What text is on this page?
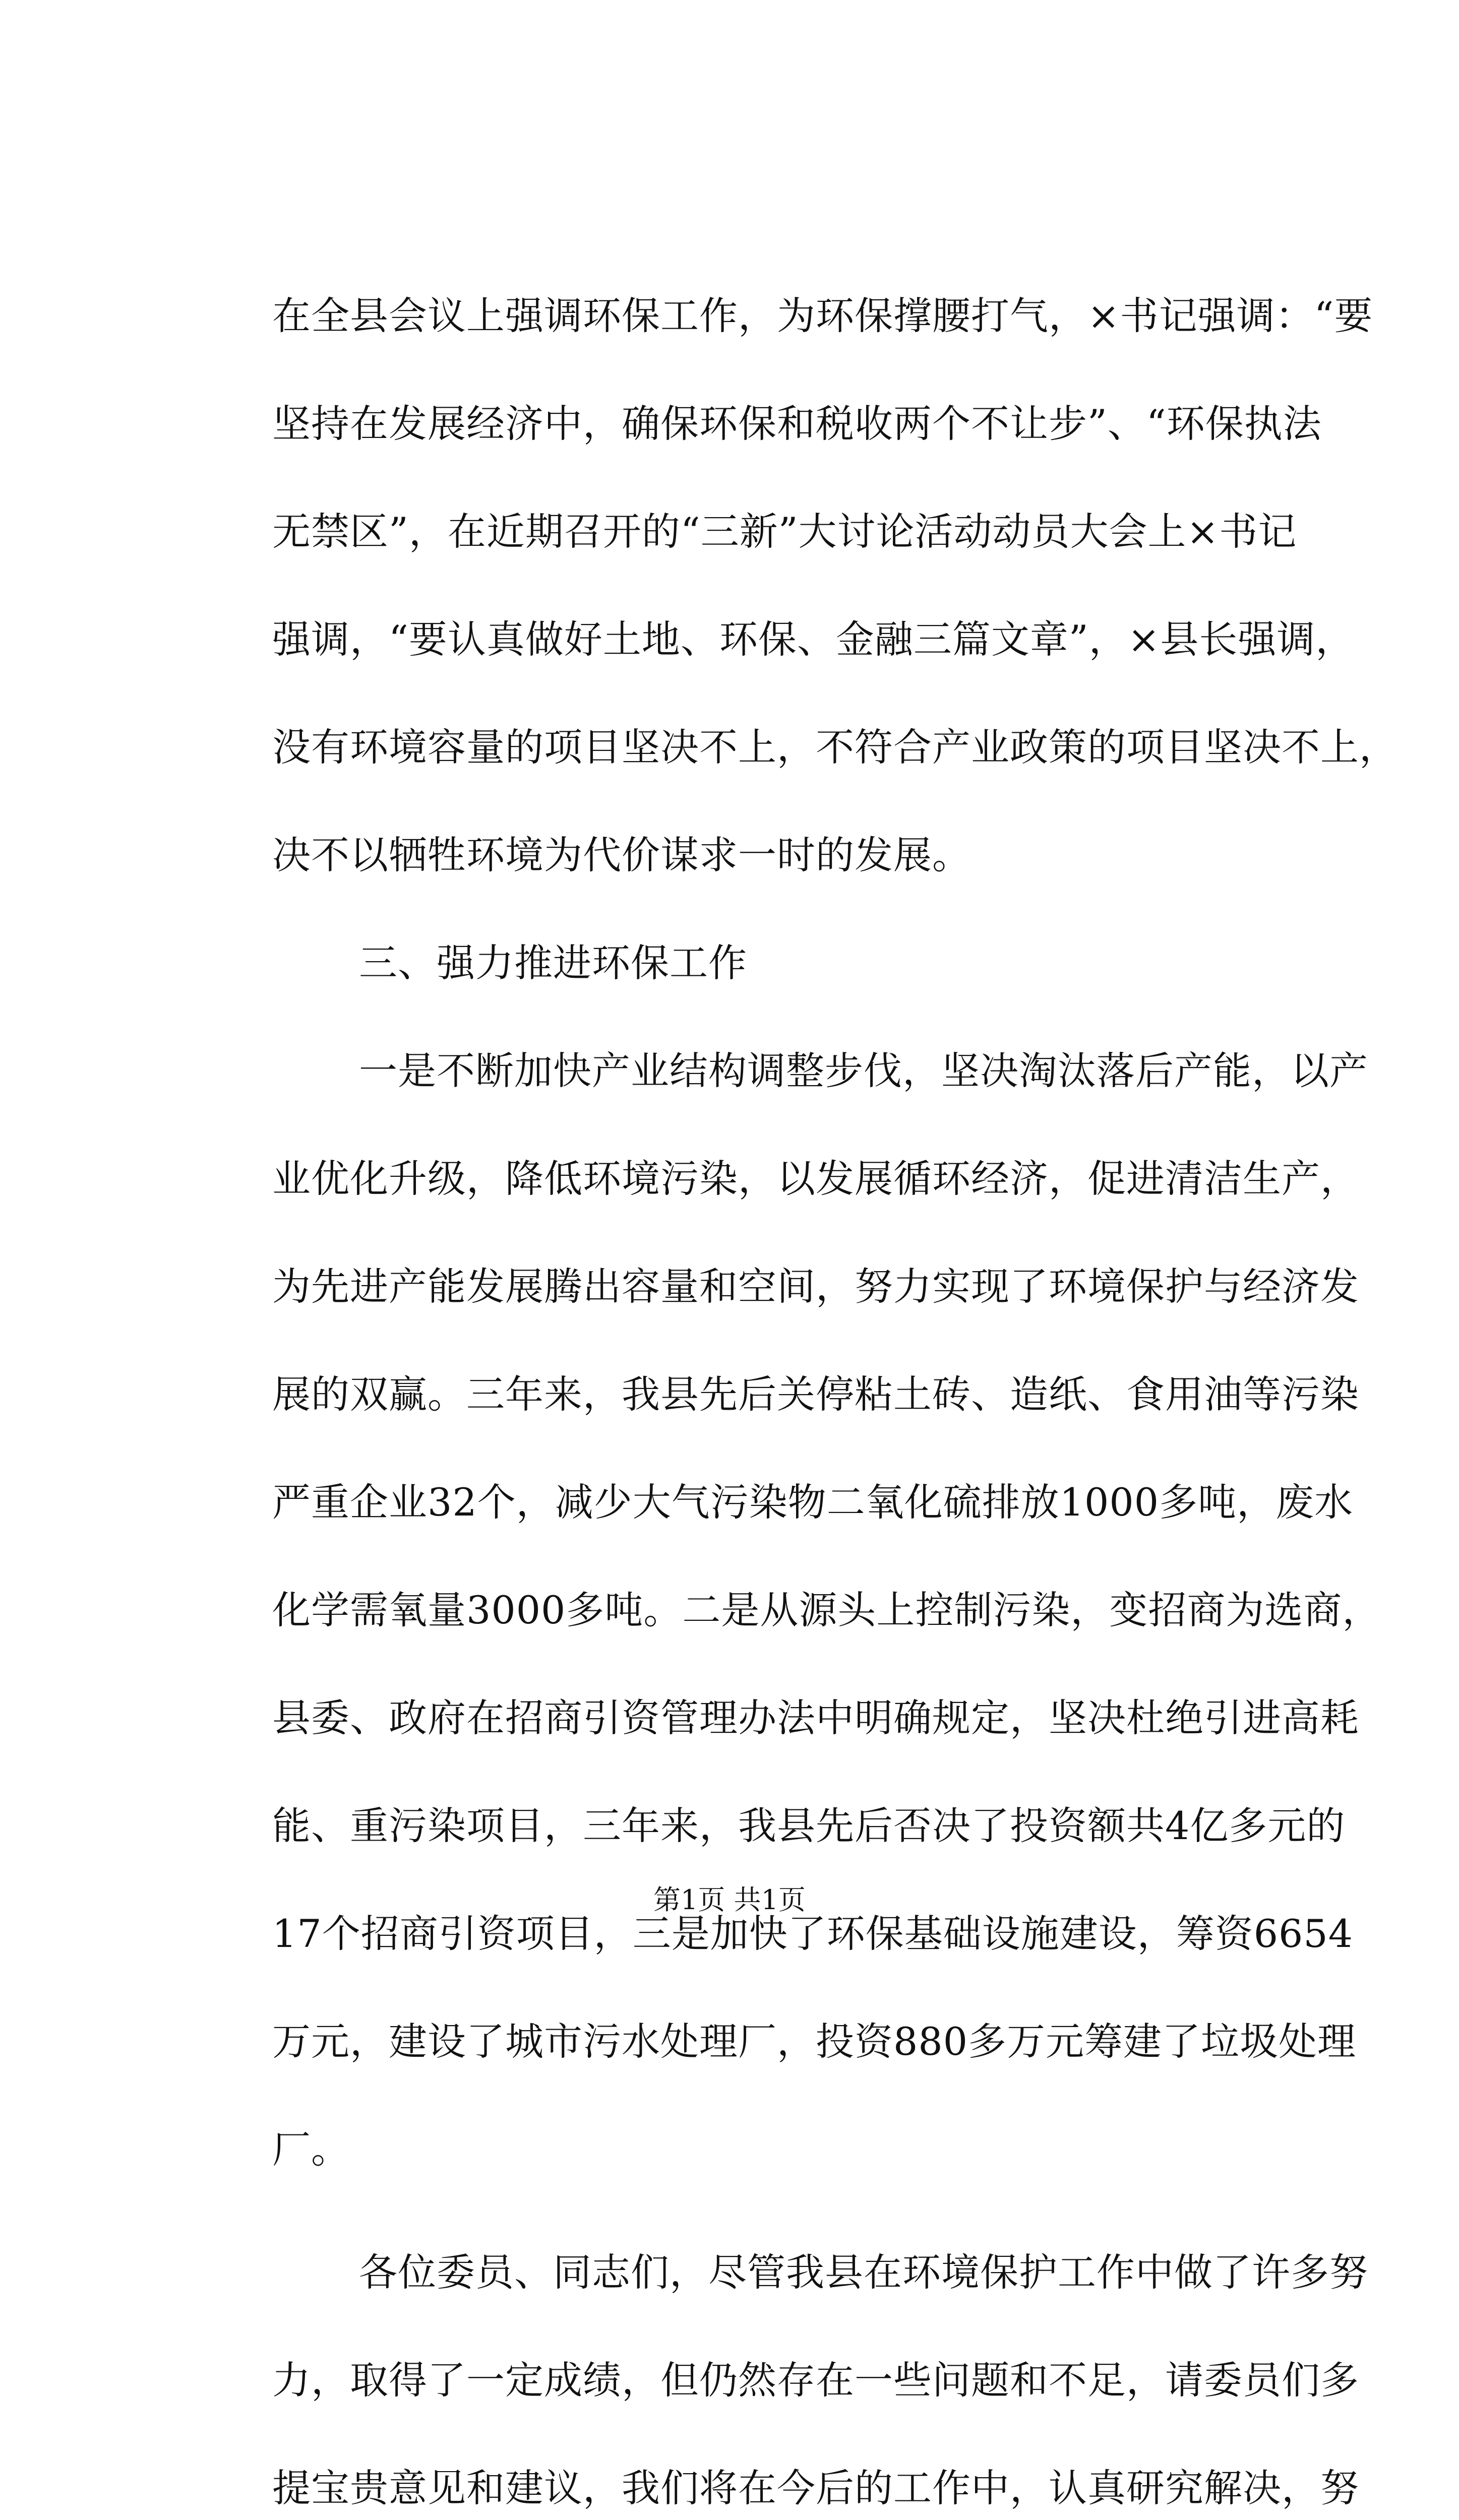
在全县会议上强调环保工作，为环保撑腰打气，×书记强调：“要
坚持在发展经济中，确保环保和税收两个不让步”、“环保执法
无禁区”，在近期召开的“三新”大讨论活动动员大会上×书记
强调，“要认真做好土地、环保、金融三篇文章”，×县长强调，
没有环境容量的项目坚决不上，不符合产业政策的项目坚决不上，
决不以牺牲环境为代价谋求一时的发展。
三、强力推进环保工作
一是不断加快产业结构调整步伐，坚决淘汰落后产能，以产
业优化升级，降低环境污染，以发展循环经济，促进清洁生产，
为先进产能发展腾出容量和空间，努力实现了环境保护与经济发
展的双赢。三年来，我县先后关停粘土砖、造纸、食用油等污染
严重企业32个，减少大气污染物二氧化硫排放1000多吨，废水
化学需氧量3000多吨。二是从源头上控制污染，变招商为选商，
县委、政府在招商引资管理办法中明确规定，坚决杜绝引进高耗
能、重污染项目，三年来，我县先后否决了投资额共4亿多元的
17个招商引资项目，三是加快了环保基础设施建设，筹资6654
万元，建设了城市污水处理厂，投资880多万元筹建了垃圾处理
厂。
各位委员、同志们，尽管我县在环境保护工作中做了许多努
力，取得了一定成绩，但仍然存在一些问题和不足，请委员们多
提宝贵意见和建议，我们将在今后的工作中，认真研究解决，努
第1页 共1页
